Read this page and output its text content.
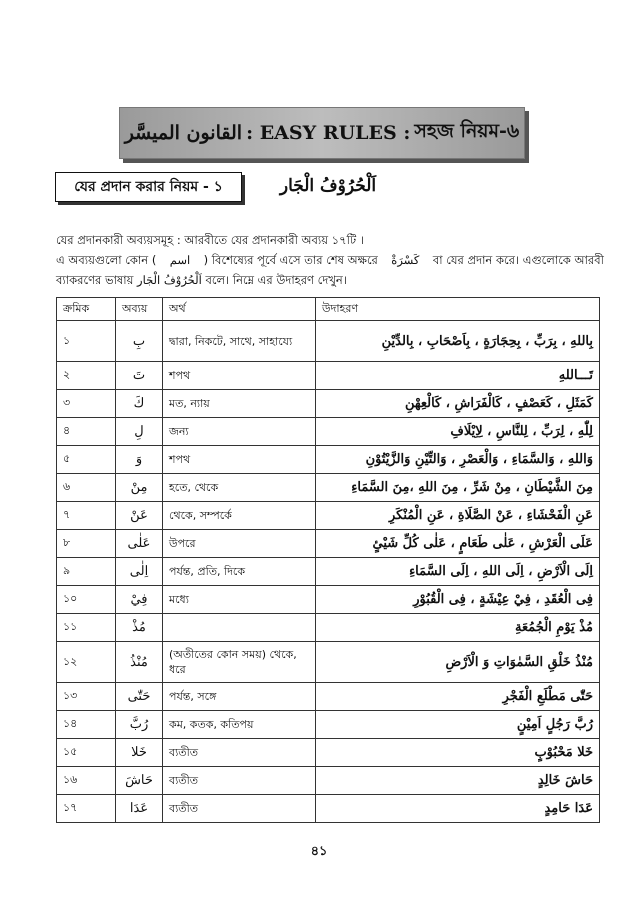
القانون الميسَّر : EASY RULES : সহজ নিয়ম-৬
যের প্রদান করার নিয়ম - ১	اَلْحُرُوْفُ الْجَار

যের প্রদানকারী অব্যয়সমূহ : আরবীতে যের প্রদানকারী অব্যয় ১৭টি ।

এ অব্যয়গুলো কোন ( اسم ) বিশেষ্যের পূর্বে এসে তার শেষ অক্ষরে كَسْرَةْ বা যের প্রদান করে। এগুলোকে আরবী

ব্যাকরণের ভাষায় اَلْحُرُوْفُ الْجَار বলে। নিম্নে এর উদাহরণ দেখুন।

ক্রমিক	অব্যয়	অর্থ	উদাহরণ
১	بِ	দ্বারা, নিকটে, সাথে, সাহায্যে	بِاللهِ ، بِرَبِّ ، بِحِجَارَةٍ ، بِاَصْحَابِ ، بِالدِّيْنِ
২	تَ	শপথ	تَـــاللهِ
৩	كَ	মত, ন্যায়	كَمَثَلِ ، كَعَصْفٍ ، كَالْفَرَاشِ ، كَالْعِهْنِ
৪	لِ	জন্য	لِلّٰهِ ، لِرَبِّ ، لِلنَّاسِ ، لِاِيْلَافِ
৫	وَ	শপথ	وَاللهِ ، وَالسَّمَاءِ ، وَالْعَصْرِ ، وَالتِّيْنِ وَالزَّيْتُوْنِ
৬	مِنْ	হতে, থেকে	مِنَ الشَّيْطَانِ ، مِنْ شَرِّ ، مِنَ اللهِ ،مِنَ السَّمَاءِ
৭	عَنْ	থেকে, সম্পর্কে	عَنِ الْفَحْشَاءِ ، عَنْ الصَّلَاةِ ، عَنِ الْمُنْكَرِ
৮	عَلٰى	উপরে	عَلَى الْعَرْشِ ، عَلٰى طَعَامٍ ، عَلٰى كُلِّ شَيْئٍ
৯	اِلٰى	পর্যন্ত, প্রতি, দিকে	اِلَى الْاَرْضِ ، اِلَى اللهِ ، اِلَى السَّمَاءِ
১০	فِيْ	মধ্যে	فِى الْعُقَدِ ، فِيْ عِيْشَةٍ ، فِى الْقُبُوْرِ
১১	مُذْ		مُذْ يَوْمِ الْجُمُعَةِ
১২	مُنْذُ	(অতীতের কোন সময়) থেকে, ধরে	مُنْذُ خَلْقِ السَّمٰوَاتِ وَ الْاَرْضِ
১৩	حَتّٰى	পর্যন্ত, সঙ্গে	حَتّٰى مَطْلَعِ الْفَجْرِ
১৪	رُبَّ	কম, কতক, কতিপয়	رُبَّ رَجُلٍ اَمِيْنٍ
১৫	خَلا	ব্যতীত	خَلا مَحْبُوْبٍ
১৬	حَاشَ	ব্যতীত	حَاشَ خَالِدٍ
১৭	عَدَا	ব্যতীত	عَدَا حَامِدٍ
৪১
